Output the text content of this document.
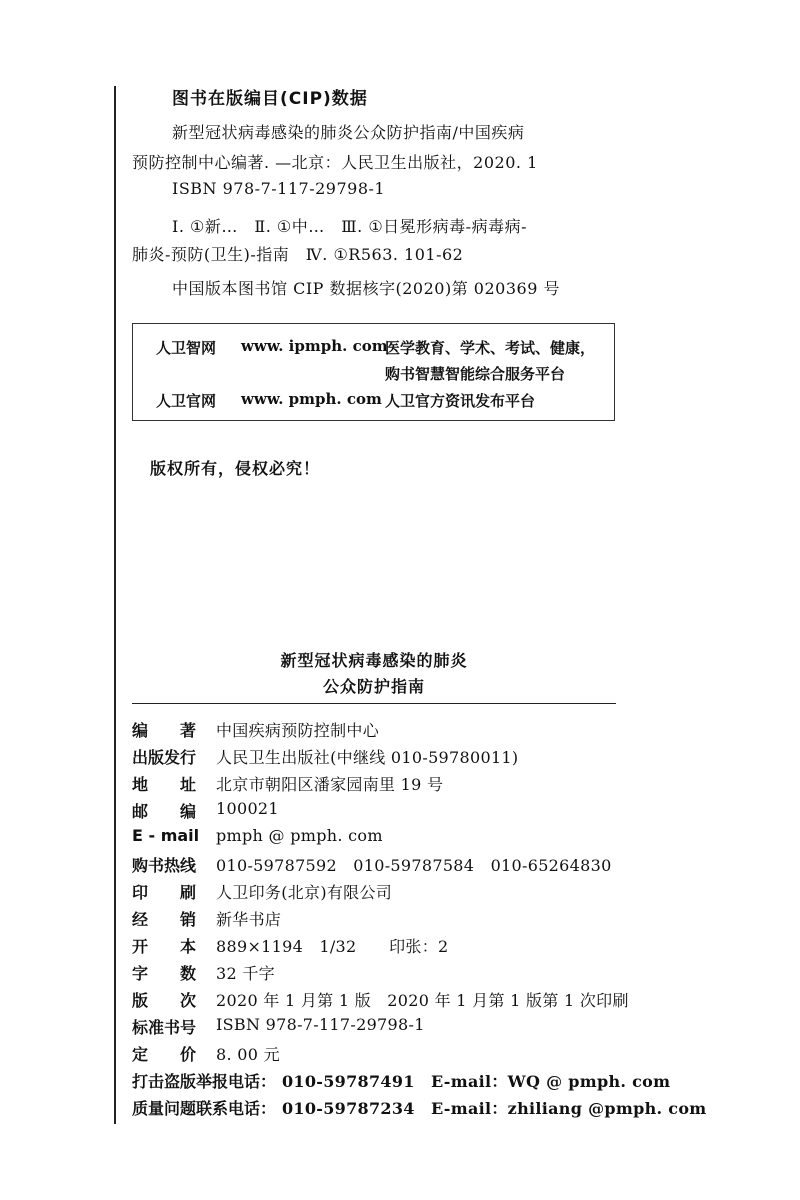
图书在版编目(CIP)数据
新型冠状病毒感染的肺炎公众防护指南/中国疾病
预防控制中心编著. —北京：人民卫生出版社，2020. 1
ISBN 978-7-117-29798-1
Ⅰ. ①新…　Ⅱ. ①中…　Ⅲ. ①日冕形病毒-病毒病-
肺炎-预防(卫生)-指南　Ⅳ. ①R563. 101-62
中国版本图书馆 CIP 数据核字(2020)第 020369 号
人卫智网 www. ipmph. com
医学教育、学术、考试、健康，
购书智慧智能综合服务平台
人卫官网 www. pmph. com 人卫官方资讯发布平台
版权所有，侵权必究！
新型冠状病毒感染的肺炎
公众防护指南
编　　著	中国疾病预防控制中心
出版发行	人民卫生出版社(中继线 010-59780011)
地　　址	北京市朝阳区潘家园南里 19 号
邮　　编	100021
E - mail	pmph @ pmph. com
购书热线	010-59787592　010-59787584　010-65264830
印　　刷	人卫印务(北京)有限公司
经　　销	新华书店
开　　本	889×1194　1/32　　印张：2
字　　数	32 千字
版　　次	2020 年 1 月第 1 版　2020 年 1 月第 1 版第 1 次印刷
标准书号	ISBN 978-7-117-29798-1
定　　价	8. 00 元
打击盗版举报电话： 010-59787491　E-mail：WQ @ pmph. com
质量问题联系电话： 010-59787234　E-mail：zhiliang @pmph. com
